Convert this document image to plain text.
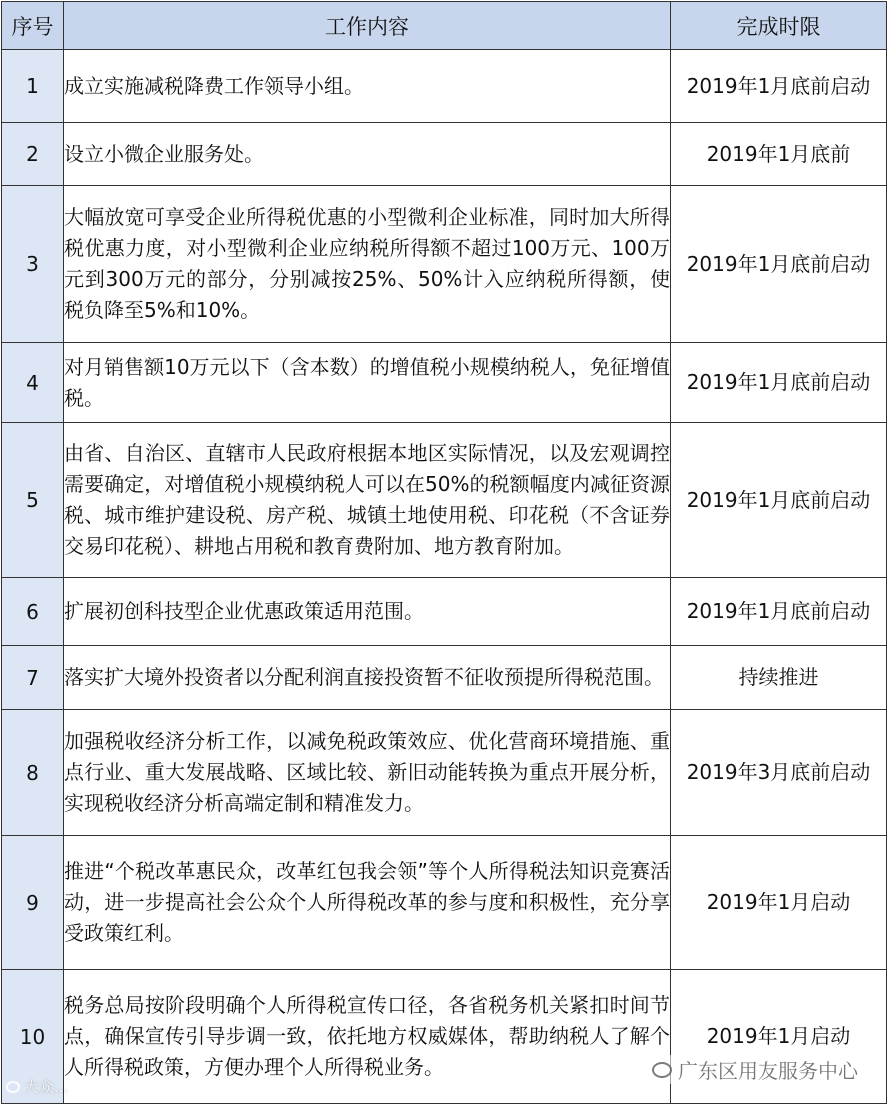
序号	工作内容	完成时限
1	成立实施减税降费工作领导小组。	2019年1月底前启动
2	设立小微企业服务处。	2019年1月底前
3	大幅放宽可享受企业所得税优惠的小型微利企业标准，同时加大所得税优惠力度，对小型微利企业应纳税所得额不超过100万元、100万元到300万元的部分，分别减按25%、50%计入应纳税所得额，使税负降至5%和10%。	2019年1月底前启动
4	对月销售额10万元以下（含本数）的增值税小规模纳税人，免征增值税。	2019年1月底前启动
5	由省、自治区、直辖市人民政府根据本地区实际情况，以及宏观调控需要确定，对增值税小规模纳税人可以在50%的税额幅度内减征资源税、城市维护建设税、房产税、城镇土地使用税、印花税（不含证券交易印花税）、耕地占用税和教育费附加、地方教育附加。	2019年1月底前启动
6	扩展初创科技型企业优惠政策适用范围。	2019年1月底前启动
7	落实扩大境外投资者以分配利润直接投资暂不征收预提所得税范围。	持续推进
8	加强税收经济分析工作，以减免税政策效应、优化营商环境措施、重点行业、重大发展战略、区域比较、新旧动能转换为重点开展分析，实现税收经济分析高端定制和精准发力。	2019年3月底前启动
9	推进“个税改革惠民众，改革红包我会领”等个人所得税法知识竞赛活动，进一步提高社会公众个人所得税改革的参与度和积极性，充分享受政策红利。	2019年1月启动
10	税务总局按阶段明确个人所得税宣传口径，各省税务机关紧扣时间节点，确保宣传引导步调一致，依托地方权威媒体，帮助纳税人了解个人所得税政策，方便办理个人所得税业务。	2019年1月启动
大众...
广东区用友服务中心
